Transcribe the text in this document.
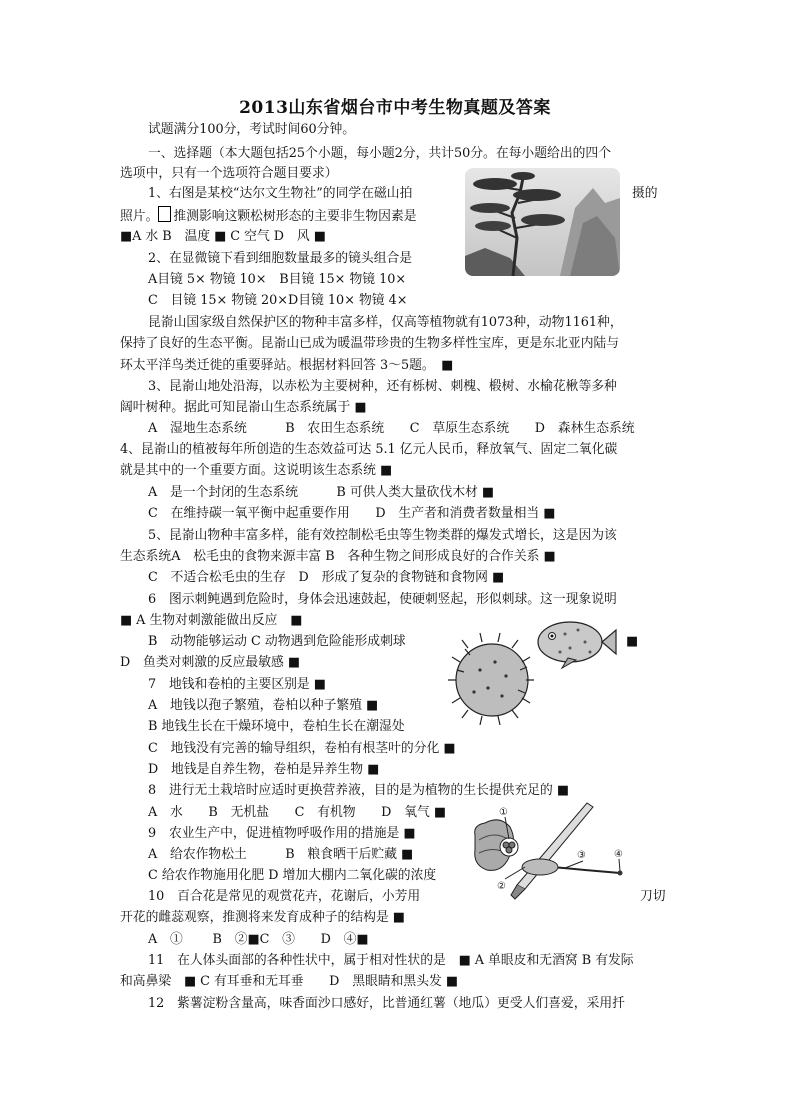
2013山东省烟台市中考生物真题及答案
①
②
③	④
试题满分100分，考试时间60分钟。
一、选择题（本大题包括25个小题，每小题2分，共计50分。在每小题给出的四个
选项中，只有一个选项符合题目要求）
1、右图是某校“达尔文生物社”的同学在磁山拍	摄的
照片。 推测影响这颗松树形态的主要非生物因素是
■A 水 B　温度 ■ C 空气 D　风 ■
2、在显微镜下看到细胞数量最多的镜头组合是
A目镜 5× 物镜 10×　B目镜 15× 物镜 10×
C　目镜 15× 物镜 20×D目镜 10× 物镜 4×
昆嵛山国家级自然保护区的物种丰富多样，仅高等植物就有1073种，动物1161种，
保持了良好的生态平衡。昆嵛山已成为暖温带珍贵的生物多样性宝库，更是东北亚内陆与
环太平洋鸟类迁徙的重要驿站。根据材料回答 3～5题。　■
3、昆嵛山地处沿海，以赤松为主要树种，还有栎树、刺槐、椴树、水榆花楸等多种
阔叶树种。据此可知昆嵛山生态系统属于 ■
A　湿地生态系统　　　B　农田生态系统　　C　草原生态系统　　D　森林生态系统
4、昆嵛山的植被每年所创造的生态效益可达 5.1 亿元人民币，释放氧气、固定二氧化碳
就是其中的一个重要方面。这说明该生态系统 ■
A　是一个封闭的生态系统　　　B 可供人类大量砍伐木材 ■
C　在维持碳一氧平衡中起重要作用　　D　生产者和消费者数量相当 ■
5、昆嵛山物种丰富多样，能有效控制松毛虫等生物类群的爆发式增长，这是因为该
生态系统A　松毛虫的食物来源丰富 B　各种生物之间形成良好的合作关系 ■
C　不适合松毛虫的生存　D　形成了复杂的食物链和食物网 ■
6　图示刺鲀遇到危险时，身体会迅速鼓起，使硬刺竖起，形似刺球。这一现象说明
■ A 生物对刺激能做出反应　■
B　动物能够运动 C 动物遇到危险能形成刺球	■
D　鱼类对刺激的反应最敏感 ■
7　地钱和卷柏的主要区别是 ■
A　地钱以孢子繁殖，卷柏以种子繁殖 ■
B 地钱生长在干燥环境中，卷柏生长在潮湿处
C　地钱没有完善的输导组织，卷柏有根茎叶的分化 ■
D　地钱是自养生物，卷柏是异养生物 ■
8　进行无土栽培时应适时更换营养液，目的是为植物的生长提供充足的 ■
A　水　　B　无机盐　　C　有机物　　D　氧气 ■
9　农业生产中，促进植物呼吸作用的措施是 ■
A　给农作物松土　　　B　粮食晒干后贮藏 ■
C 给农作物施用化肥 D 增加大棚内二氧化碳的浓度
10　百合花是常见的观赏花卉，花谢后，小芳用	刀切
开花的雌蕊观察，推测将来发育成种子的结构是 ■
A　①　　 B　②■C　③　　D　④■
11　在人体头面部的各种性状中，属于相对性状的是　■ A 单眼皮和无酒窝 B 有发际
和高鼻梁　■ C 有耳垂和无耳垂　　D　黑眼睛和黑头发 ■
12　紫薯淀粉含量高，味香面沙口感好，比普通红薯（地瓜）更受人们喜爱，采用扦
